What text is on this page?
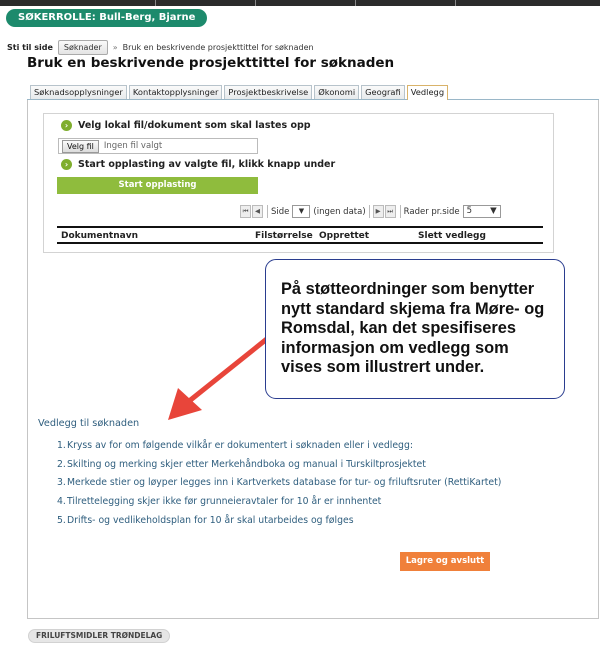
SØKERROLLE: Bull-Berg, Bjarne
Sti til side	Søknader	» Bruk en beskrivende prosjekttittel for søknaden
Bruk en beskrivende prosjekttittel for søknaden
Søknadsopplysninger	Kontaktopplysninger	Prosjektbeskrivelse	Økonomi	Geografi	Vedlegg
›	Velg lokal fil/dokument som skal lastes opp
Velg fil	Ingen fil valgt
›	Start opplasting av valgte fil, klikk knapp under
Start opplasting
⏮	◀	Side	▼	(ingen data)	▶	⏭	Rader pr.side 5 ▼
Dokumentnavn	Filstørrelse Opprettet	Slett vedlegg
På støtteordninger som benytter nytt standard skjema fra Møre- og Romsdal, kan det spesifiseres informasjon om vedlegg som vises som illustrert under.
Vedlegg til søknaden
1.Kryss av for om følgende vilkår er dokumentert i søknaden eller i vedlegg:
2.Skilting og merking skjer etter Merkehåndboka og manual i Turskiltprosjektet
3.Merkede stier og løyper legges inn i Kartverkets database for tur- og friluftsruter (RettiKartet)
4.Tilrettelegging skjer ikke før grunneieravtaler for 10 år er innhentet
5.Drifts- og vedlikeholdsplan for 10 år skal utarbeides og følges
Lagre og avslutt
FRILUFTSMIDLER TRØNDELAG
